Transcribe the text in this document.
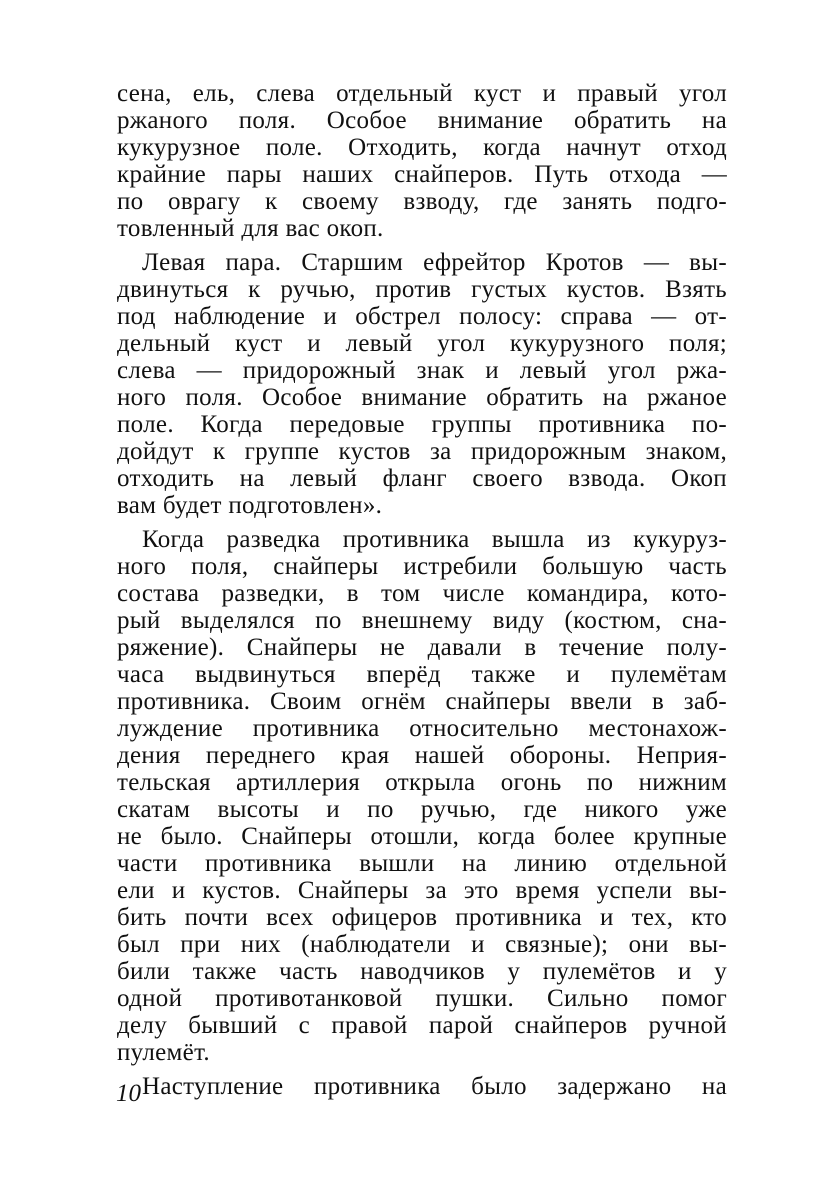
сена, ель, слева отдельный куст и правый угол
ржаного поля. Особое внимание обратить на
кукурузное поле. Отходить, когда начнут отход
крайние пары наших снайперов. Путь отхода —
по оврагу к своему взводу, где занять подго-
товленный для вас окоп.
Левая пара. Старшим ефрейтор Кротов — вы-
двинуться к ручью, против густых кустов. Взять
под наблюдение и обстрел полосу: справа — от-
дельный куст и левый угол кукурузного поля;
слева — придорожный знак и левый угол ржа-
ного поля. Особое внимание обратить на ржаное
поле. Когда передовые группы противника по-
дойдут к группе кустов за придорожным знаком,
отходить на левый фланг своего взвода. Окоп
вам будет подготовлен».
Когда разведка противника вышла из кукуруз-
ного поля, снайперы истребили большую часть
состава разведки, в том числе командира, кото-
рый выделялся по внешнему виду (костюм, сна-
ряжение). Снайперы не давали в течение полу-
часа выдвинуться вперёд также и пулемётам
противника. Своим огнём снайперы ввели в заб-
луждение противника относительно местонахож-
дения переднего края нашей обороны. Неприя-
тельская артиллерия открыла огонь по нижним
скатам высоты и по ручью, где никого уже
не было. Снайперы отошли, когда более крупные
части противника вышли на линию отдельной
ели и кустов. Снайперы за это время успели вы-
бить почти всех офицеров противника и тех, кто
был при них (наблюдатели и связные); они вы-
били также часть наводчиков у пулемётов и у
одной противотанковой пушки. Сильно помог
делу бывший с правой парой снайперов ручной
пулемёт.
Наступление противника было задержано на
10
